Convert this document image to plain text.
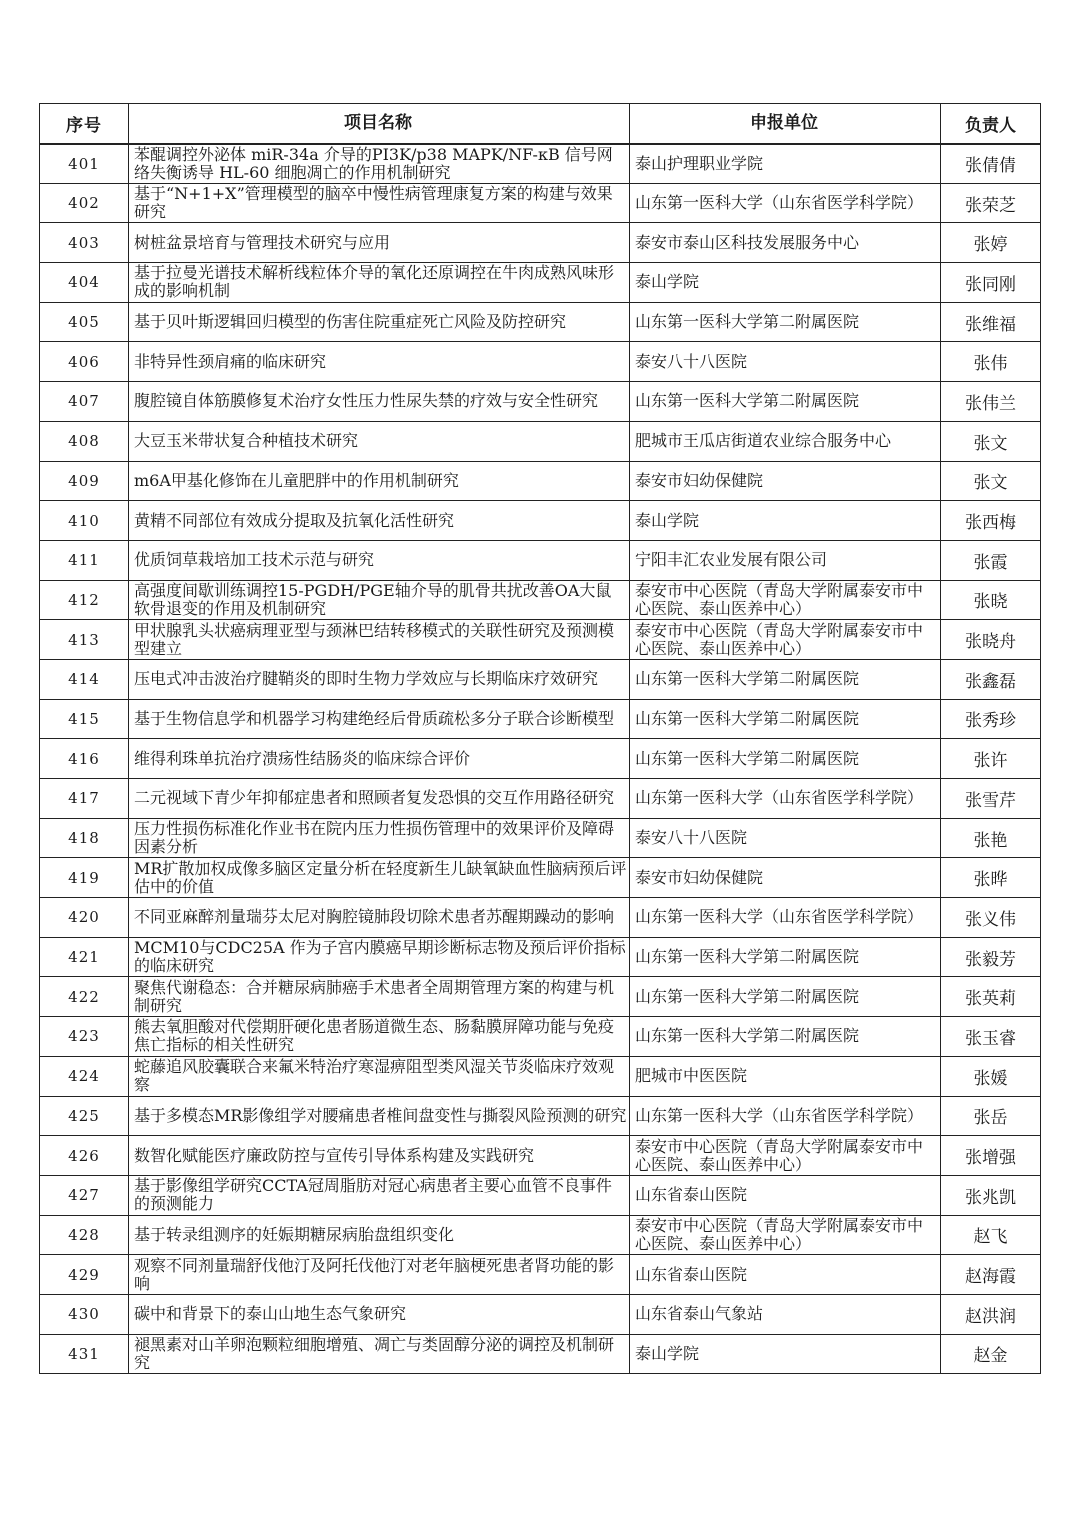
序号	项目名称	申报单位	负责人
401	苯醌调控外泌体 miR-34a 介导的PI3K/p38 MAPK/NF-κB 信号网络失衡诱导 HL-60 细胞凋亡的作用机制研究	泰山护理职业学院	张倩倩
402	基于“N+1+X”管理模型的脑卒中慢性病管理康复方案的构建与效果研究	山东第一医科大学（山东省医学科学院）	张荣芝
403	树桩盆景培育与管理技术研究与应用	泰安市泰山区科技发展服务中心	张婷
404	基于拉曼光谱技术解析线粒体介导的氧化还原调控在牛肉成熟风味形成的影响机制	泰山学院	张同刚
405	基于贝叶斯逻辑回归模型的伤害住院重症死亡风险及防控研究	山东第一医科大学第二附属医院	张维福
406	非特异性颈肩痛的临床研究	泰安八十八医院	张伟
407	腹腔镜自体筋膜修复术治疗女性压力性尿失禁的疗效与安全性研究	山东第一医科大学第二附属医院	张伟兰
408	大豆玉米带状复合种植技术研究	肥城市王瓜店街道农业综合服务中心	张文
409	m6A甲基化修饰在儿童肥胖中的作用机制研究	泰安市妇幼保健院	张文
410	黄精不同部位有效成分提取及抗氧化活性研究	泰山学院	张西梅
411	优质饲草栽培加工技术示范与研究	宁阳丰汇农业发展有限公司	张霞
412	高强度间歇训练调控15-PGDH/PGE轴介导的肌骨共扰改善OA大鼠软骨退变的作用及机制研究	泰安市中心医院（青岛大学附属泰安市中心医院、泰山医养中心）	张晓
413	甲状腺乳头状癌病理亚型与颈淋巴结转移模式的关联性研究及预测模型建立	泰安市中心医院（青岛大学附属泰安市中心医院、泰山医养中心）	张晓舟
414	压电式冲击波治疗腱鞘炎的即时生物力学效应与长期临床疗效研究	山东第一医科大学第二附属医院	张鑫磊
415	基于生物信息学和机器学习构建绝经后骨质疏松多分子联合诊断模型	山东第一医科大学第二附属医院	张秀珍
416	维得利珠单抗治疗溃疡性结肠炎的临床综合评价	山东第一医科大学第二附属医院	张许
417	二元视域下青少年抑郁症患者和照顾者复发恐惧的交互作用路径研究	山东第一医科大学（山东省医学科学院）	张雪芹
418	压力性损伤标准化作业书在院内压力性损伤管理中的效果评价及障碍因素分析	泰安八十八医院	张艳
419	MR扩散加权成像多脑区定量分析在轻度新生儿缺氧缺血性脑病预后评估中的价值	泰安市妇幼保健院	张晔
420	不同亚麻醉剂量瑞芬太尼对胸腔镜肺段切除术患者苏醒期躁动的影响	山东第一医科大学（山东省医学科学院）	张义伟
421	MCM10与CDC25A 作为子宫内膜癌早期诊断标志物及预后评价指标的临床研究	山东第一医科大学第二附属医院	张毅芳
422	聚焦代谢稳态：合并糖尿病肺癌手术患者全周期管理方案的构建与机制研究	山东第一医科大学第二附属医院	张英莉
423	熊去氧胆酸对代偿期肝硬化患者肠道微生态、肠黏膜屏障功能与免疫焦亡指标的相关性研究	山东第一医科大学第二附属医院	张玉睿
424	蛇藤追风胶囊联合来氟米特治疗寒湿痹阻型类风湿关节炎临床疗效观察	肥城市中医医院	张媛
425	基于多模态MR影像组学对腰痛患者椎间盘变性与撕裂风险预测的研究	山东第一医科大学（山东省医学科学院）	张岳
426	数智化赋能医疗廉政防控与宣传引导体系构建及实践研究	泰安市中心医院（青岛大学附属泰安市中心医院、泰山医养中心）	张增强
427	基于影像组学研究CCTA冠周脂肪对冠心病患者主要心血管不良事件的预测能力	山东省泰山医院	张兆凯
428	基于转录组测序的妊娠期糖尿病胎盘组织变化	泰安市中心医院（青岛大学附属泰安市中心医院、泰山医养中心）	赵飞
429	观察不同剂量瑞舒伐他汀及阿托伐他汀对老年脑梗死患者肾功能的影响	山东省泰山医院	赵海霞
430	碳中和背景下的泰山山地生态气象研究	山东省泰山气象站	赵洪润
431	褪黑素对山羊卵泡颗粒细胞增殖、凋亡与类固醇分泌的调控及机制研究	泰山学院	赵金
